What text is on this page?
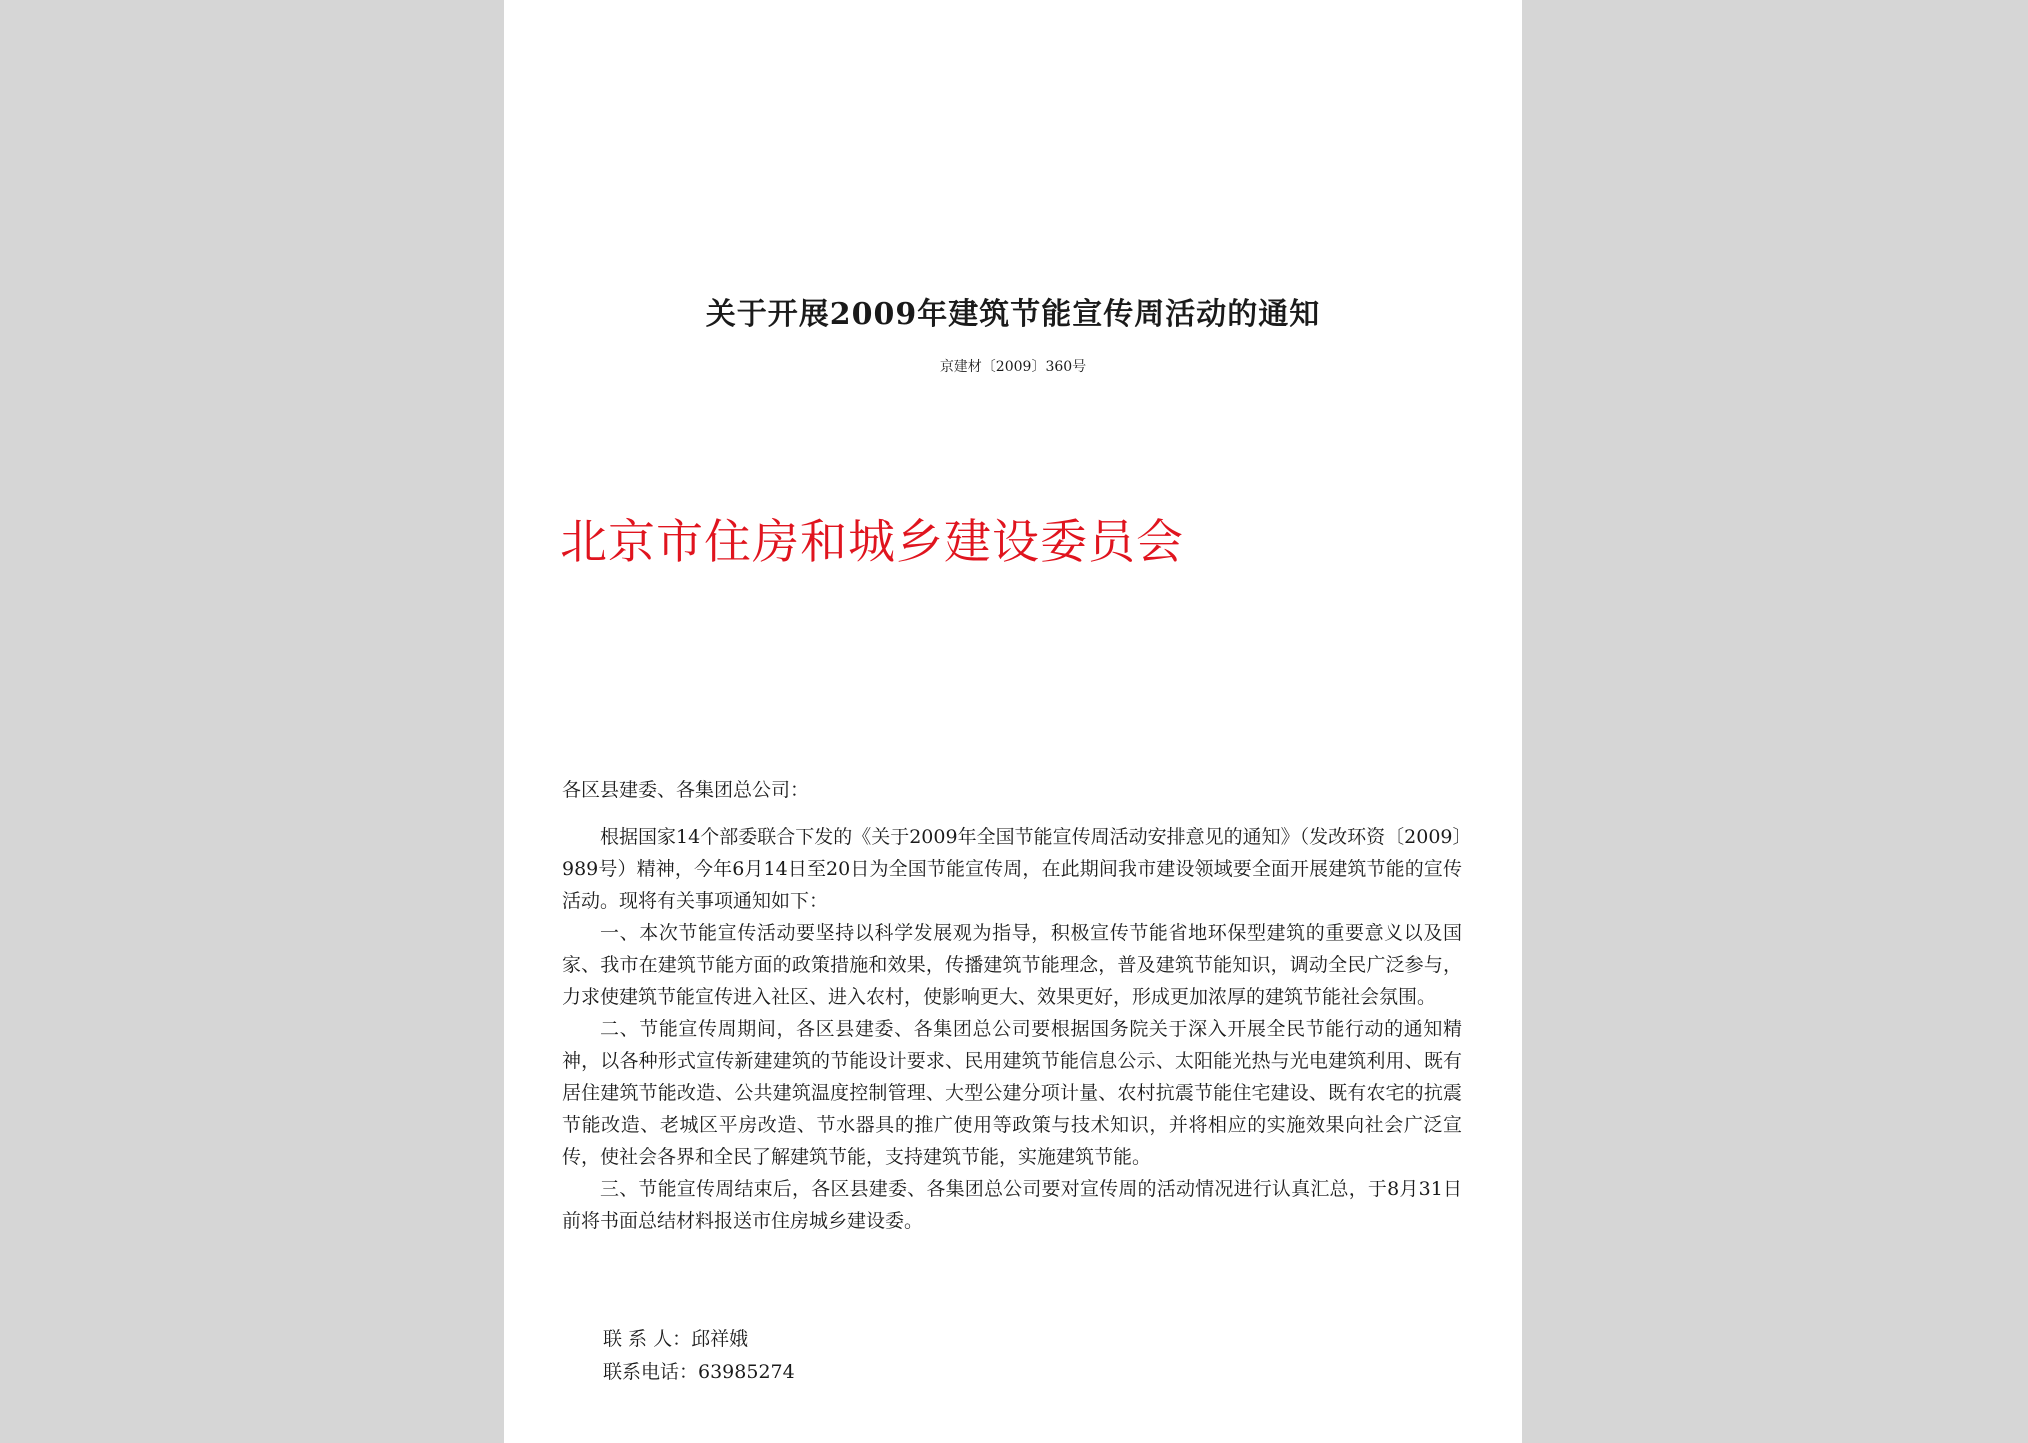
关于开展2009年建筑节能宣传周活动的通知
京建材〔2009〕360号
北京市住房和城乡建设委员会
各区县建委、各集团总公司：

根据国家14个部委联合下发的《关于2009年全国节能宣传周活动安排意见的通知》（发改环资〔2009〕989号）精神，今年6月14日至20日为全国节能宣传周，在此期间我市建设领域要全面开展建筑节能的宣传活动。现将有关事项通知如下：

一、本次节能宣传活动要坚持以科学发展观为指导，积极宣传节能省地环保型建筑的重要意义以及国家、我市在建筑节能方面的政策措施和效果，传播建筑节能理念，普及建筑节能知识，调动全民广泛参与，力求使建筑节能宣传进入社区、进入农村，使影响更大、效果更好，形成更加浓厚的建筑节能社会氛围。

二、节能宣传周期间，各区县建委、各集团总公司要根据国务院关于深入开展全民节能行动的通知精神，以各种形式宣传新建建筑的节能设计要求、民用建筑节能信息公示、太阳能光热与光电建筑利用、既有居住建筑节能改造、公共建筑温度控制管理、大型公建分项计量、农村抗震节能住宅建设、既有农宅的抗震节能改造、老城区平房改造、节水器具的推广使用等政策与技术知识，并将相应的实施效果向社会广泛宣传，使社会各界和全民了解建筑节能，支持建筑节能，实施建筑节能。

三、节能宣传周结束后，各区县建委、各集团总公司要对宣传周的活动情况进行认真汇总，于8月31日前将书面总结材料报送市住房城乡建设委。

联 系 人：邱祥娥
联系电话：63985274
